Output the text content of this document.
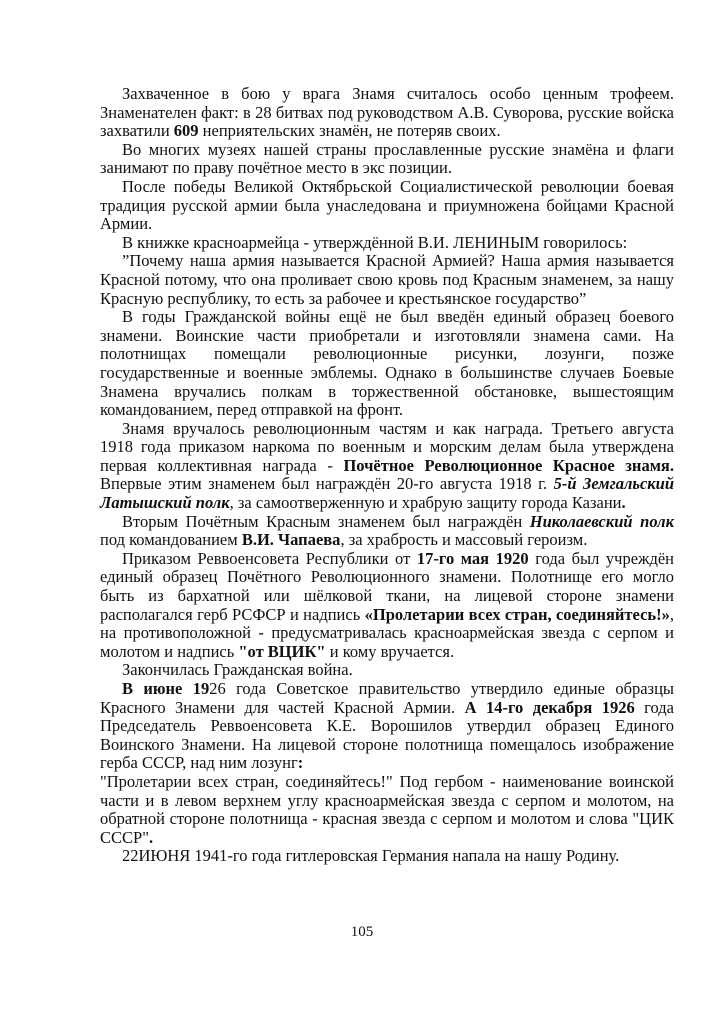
Захваченное в бою у врага Знамя считалось особо ценным трофеем. Знаменателен факт: в 28 битвах под руководством А.В. Суворова, русские войска захватили 609 неприятельских знамён, не потеряв своих.

Во многих музеях нашей страны прославленные русские знамёна и флаги занимают по праву почётное место в экс позиции.

После победы Великой Октябрьской Социалистической революции боевая традиция русской армии была унаследована и приумножена бойцами Красной Армии.

В книжке красноармейца - утверждённой В.И. ЛЕНИНЫМ говорилось:

”Почему наша армия называется Красной Армией? Наша армия называется Красной потому, что она проливает свою кровь под Красным знаменем, за нашу Красную республику, то есть за рабочее и крестьянское государство”

В годы Гражданской войны ещё не был введён единый образец боевого знамени. Воинские части приобретали и изготовляли знамена сами. На полотнищах помещали революционные рисунки, лозунги, позже государственные и военные эмблемы. Однако в большинстве случаев Боевые Знамена вручались полкам в торжественной обстановке, вышестоящим командованием, перед отправкой на фронт.

Знамя вручалось революционным частям и как награда. Третьего августа 1918 года приказом наркома по военным и морским делам была утверждена первая коллективная награда - Почётное Революционное Красное знамя. Впервые этим знаменем был награждён 20-го августа 1918 г. 5-й Земгальский Латышский полк, за самоотверженную и храбрую защиту города Казани.

Вторым Почётным Красным знаменем был награждён Николаевский полк под командованием В.И. Чапаева, за храбрость и массовый героизм.

Приказом Реввоенсовета Республики от 17-го мая 1920 года был учреждён единый образец Почётного Революционного знамени. Полотнище его могло быть из бархатной или шёлковой ткани, на лицевой стороне знамени располагался герб РСФСР и надпись «Пролетарии всех стран, соединяйтесь!», на противоположной - предусматривалась красноармейская звезда с серпом и молотом и надпись "от ВЦИК" и кому вручается.

Закончилась Гражданская война.

В июне 1926 года Советское правительство утвердило единые образцы Красного Знамени для частей Красной Армии. А 14-го декабря 1926 года Председатель Реввоенсовета К.Е. Ворошилов утвердил образец Единого Воинского Знамени. На лицевой стороне полотнища помещалось изображение герба СССР, над ним лозунг:

"Пролетарии всех стран, соединяйтесь!" Под гербом - наименование воинской части и в левом верхнем углу красноармейская звезда с серпом и молотом, на обратной стороне полотнища - красная звезда с серпом и молотом и слова "ЦИК СССР".

22ИЮНЯ 1941-го года гитлеровская Германия напала на нашу Родину.

105
